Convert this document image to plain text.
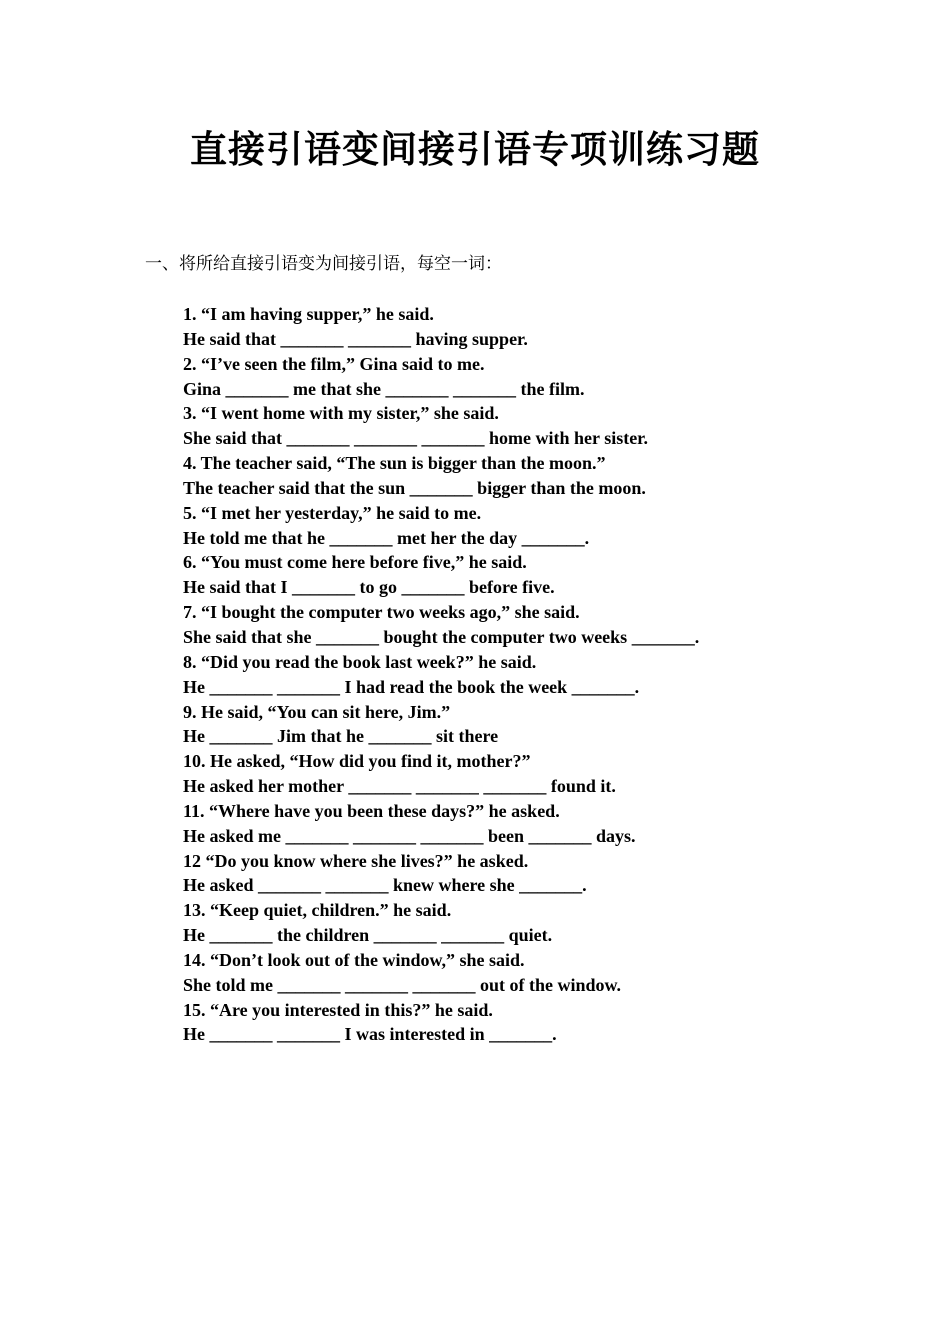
直接引语变间接引语专项训练习题
一、将所给直接引语变为间接引语，每空一词：
1. “I am having supper,” he said.
He said that _______ _______ having supper.
2. “I’ve seen the film,” Gina said to me.
Gina _______ me that she _______ _______ the film.
3. “I went home with my sister,” she said.
She said that _______ _______ _______ home with her sister.
4. The teacher said, “The sun is bigger than the moon.”
The teacher said that the sun _______ bigger than the moon.
5. “I met her yesterday,” he said to me.
He told me that he _______ met her the day _______.
6. “You must come here before five,” he said.
He said that I _______ to go _______ before five.
7. “I bought the computer two weeks ago,” she said.
She said that she _______ bought the computer two weeks _______.
8. “Did you read the book last week?” he said.
He _______ _______ I had read the book the week _______.
9. He said, “You can sit here, Jim.”
He _______ Jim that he _______ sit there
10. He asked, “How did you find it, mother?”
He asked her mother _______ _______ _______ found it.
11. “Where have you been these days?” he asked.
He asked me _______ _______ _______ been _______ days.
12 “Do you know where she lives?” he asked.
He asked _______ _______ knew where she _______.
13. “Keep quiet, children.” he said.
He _______ the children _______ _______ quiet.
14. “Don’t look out of the window,” she said.
She told me _______ _______ _______ out of the window.
15. “Are you interested in this?” he said.
He _______ _______ I was interested in _______.
